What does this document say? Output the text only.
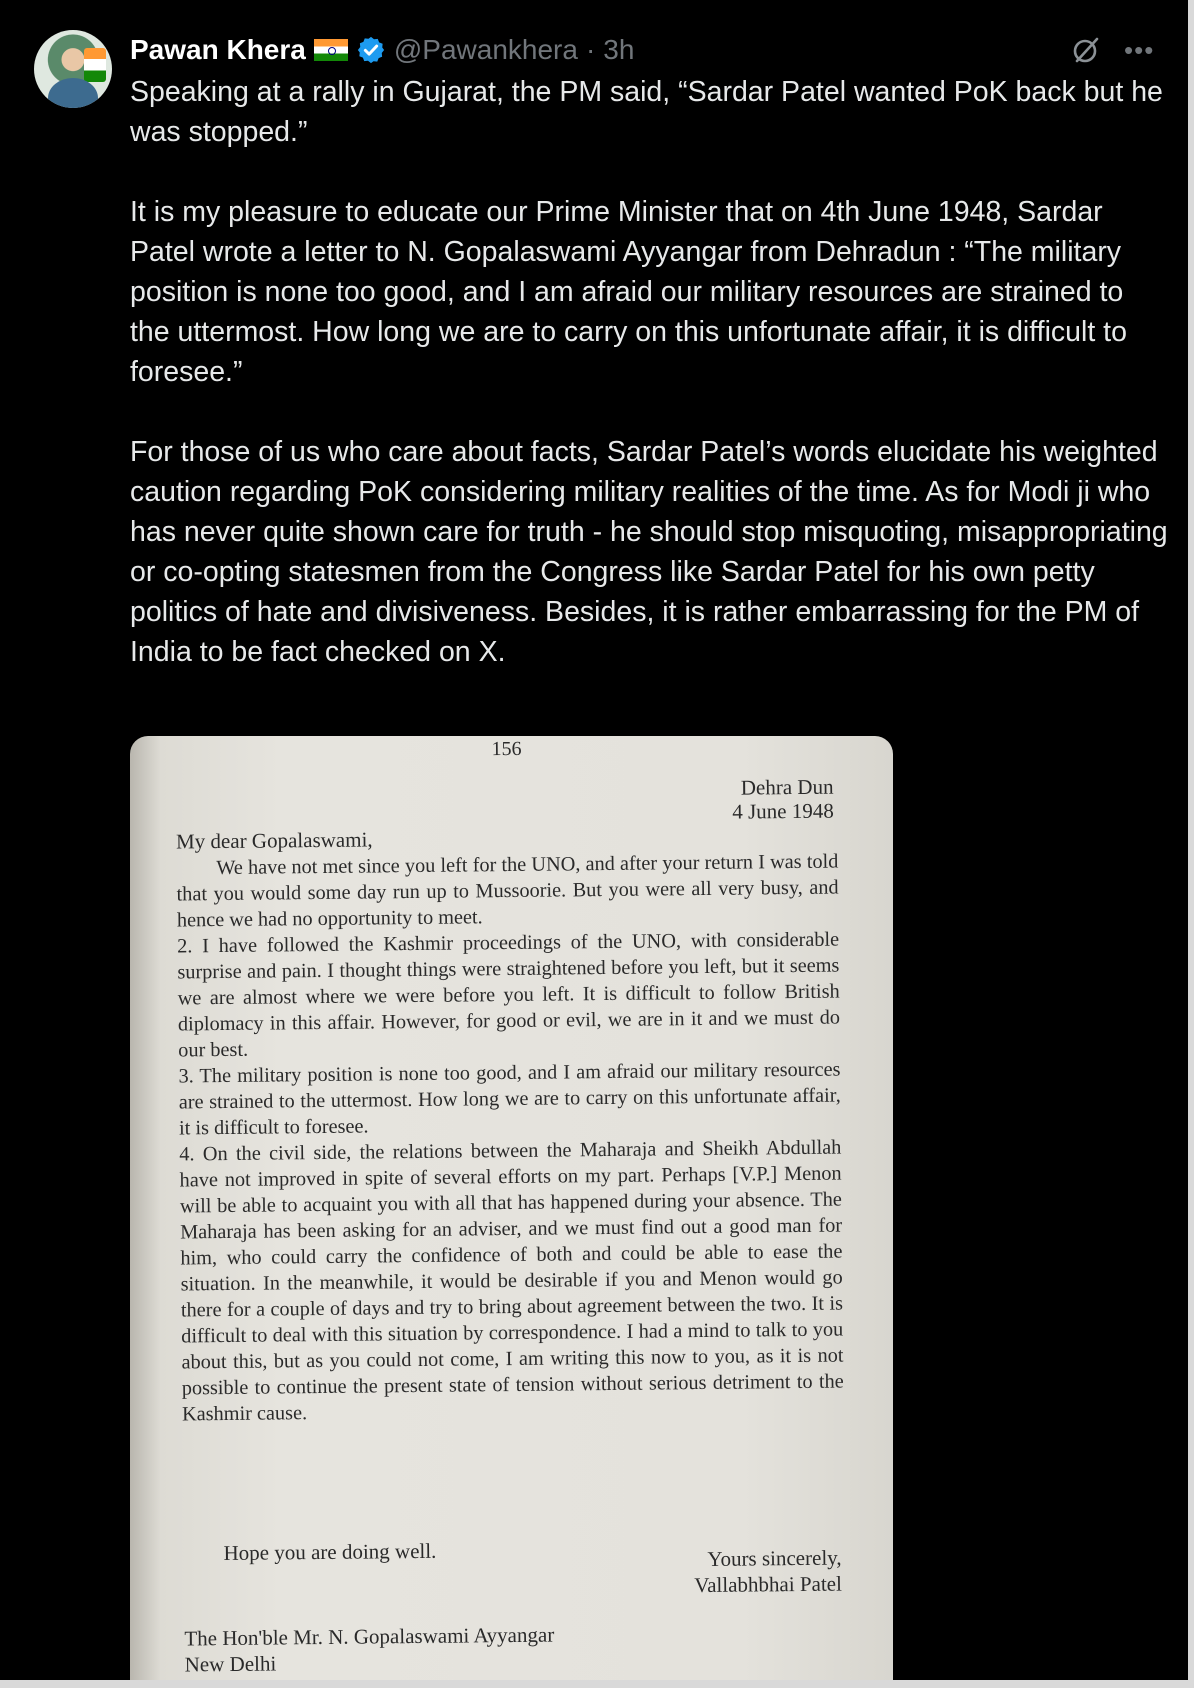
Pawan Khera	@Pawankhera · 3h	•••

Speaking at a rally in Gujarat, the PM said, “Sardar Patel wanted PoK back but he was stopped.”

It is my pleasure to educate our Prime Minister that on 4th June 1948, Sardar Patel wrote a letter to N. Gopalaswami Ayyangar from Dehradun : “The military position is none too good, and I am afraid our military resources are strained to the uttermost. How long we are to carry on this unfortunate affair, it is difficult to foresee.”

For those of us who care about facts, Sardar Patel’s words elucidate his weighted caution regarding PoK considering military realities of the time. As for Modi ji who has never quite shown care for truth - he should stop misquoting, misappropriating or co-opting statesmen from the Congress like Sardar Patel for his own petty politics of hate and divisiveness. Besides, it is rather embarrassing for the PM of India to be fact checked on X.

156
Dehra Dun
4 June 1948
My dear Gopalaswami,

We have not met since you left for the UNO, and after your return I was told that you would some day run up to Mussoorie. But you were all very busy, and hence we had no opportunity to meet.

2. I have followed the Kashmir proceedings of the UNO, with considerable surprise and pain. I thought things were straightened before you left, but it seems we are almost where we were before you left. It is difficult to follow British diplomacy in this affair. However, for good or evil, we are in it and we must do our best.

3. The military position is none too good, and I am afraid our military resources are strained to the uttermost. How long we are to carry on this unfortunate affair, it is difficult to foresee.

4. On the civil side, the relations between the Maharaja and Sheikh Abdullah have not improved in spite of several efforts on my part. Perhaps [V.P.] Menon will be able to acquaint you with all that has happened during your absence. The Maharaja has been asking for an adviser, and we must find out a good man for him, who could carry the confidence of both and could be able to ease the situation. In the meanwhile, it would be desirable if you and Menon would go there for a couple of days and try to bring about agreement between the two. It is difficult to deal with this situation by correspondence. I had a mind to talk to you about this, but as you could not come, I am writing this now to you, as it is not possible to continue the present state of tension without serious detriment to the Kashmir cause.

Hope you are doing well.	Yours sincerely,
Vallabhbhai Patel
The Hon'ble Mr. N. Gopalaswami Ayyangar
New Delhi
